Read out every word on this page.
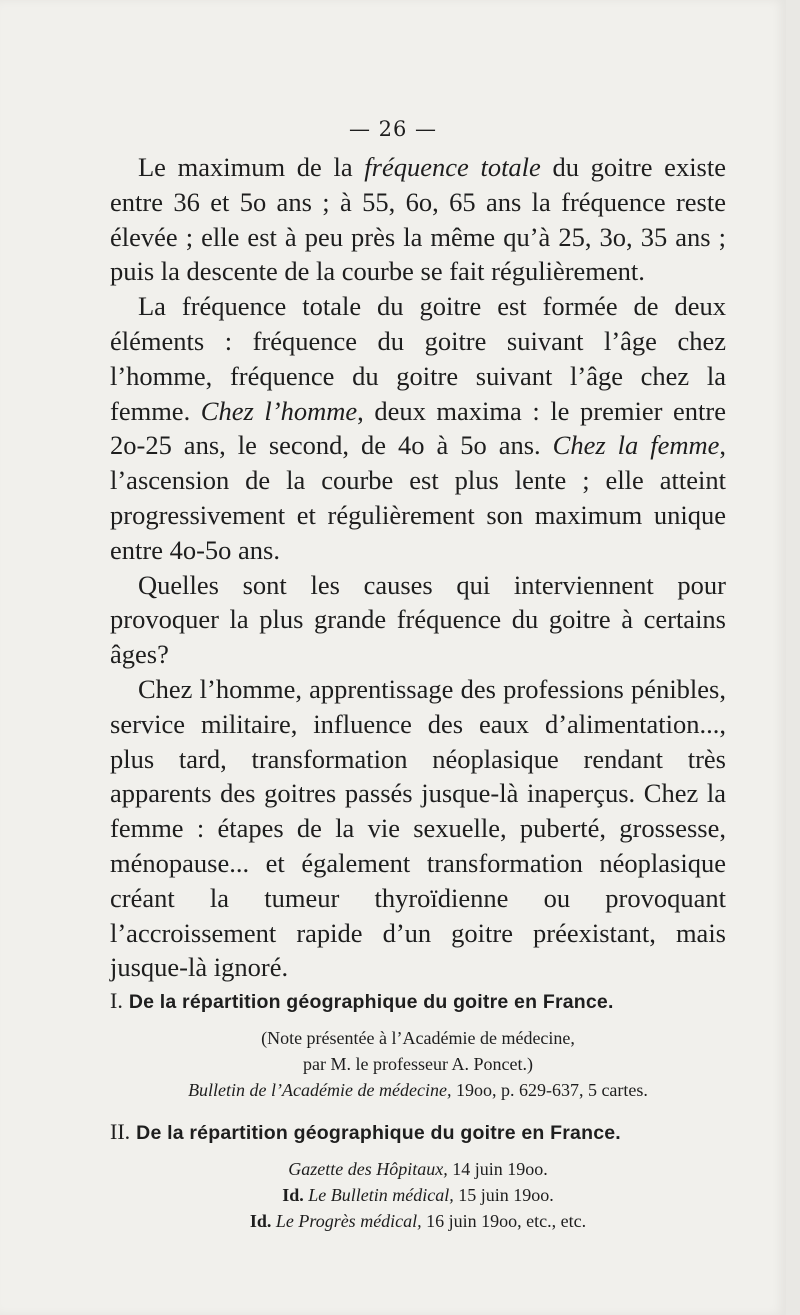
— 26 —

Le maximum de la fréquence totale du goitre existe entre 36 et 5o ans ; à 55, 6o, 65 ans la fréquence reste élevée ; elle est à peu près la même qu’à 25, 3o, 35 ans ; puis la descente de la courbe se fait régulièrement.

La fréquence totale du goitre est formée de deux éléments : fréquence du goitre suivant l’âge chez l’homme, fréquence du goitre suivant l’âge chez la femme. Chez l’homme, deux maxima : le premier entre 2o-25 ans, le second, de 4o à 5o ans. Chez la femme, l’ascension de la courbe est plus lente ; elle atteint progressivement et régulièrement son maximum unique entre 4o-5o ans.

Quelles sont les causes qui interviennent pour provoquer la plus grande fréquence du goitre à certains âges?

Chez l’homme, apprentissage des professions pénibles, service militaire, influence des eaux d’alimentation..., plus tard, transformation néoplasique rendant très apparents des goitres passés jusque-là inaperçus. Chez la femme : étapes de la vie sexuelle, puberté, grossesse, ménopause... et également transformation néoplasique créant la tumeur thyroïdienne ou provoquant l’accroissement rapide d’un goitre préexistant, mais jusque-là ignoré.

I. De la répartition géographique du goitre en France.
(Note présentée à l’Académie de médecine,
par M. le professeur A. Poncet.)
Bulletin de l’Académie de médecine, 19oo, p. 629-637, 5 cartes.
II. De la répartition géographique du goitre en France.
Gazette des Hôpitaux, 14 juin 19oo.
Id. Le Bulletin médical, 15 juin 19oo.
Id. Le Progrès médical, 16 juin 19oo, etc., etc.
